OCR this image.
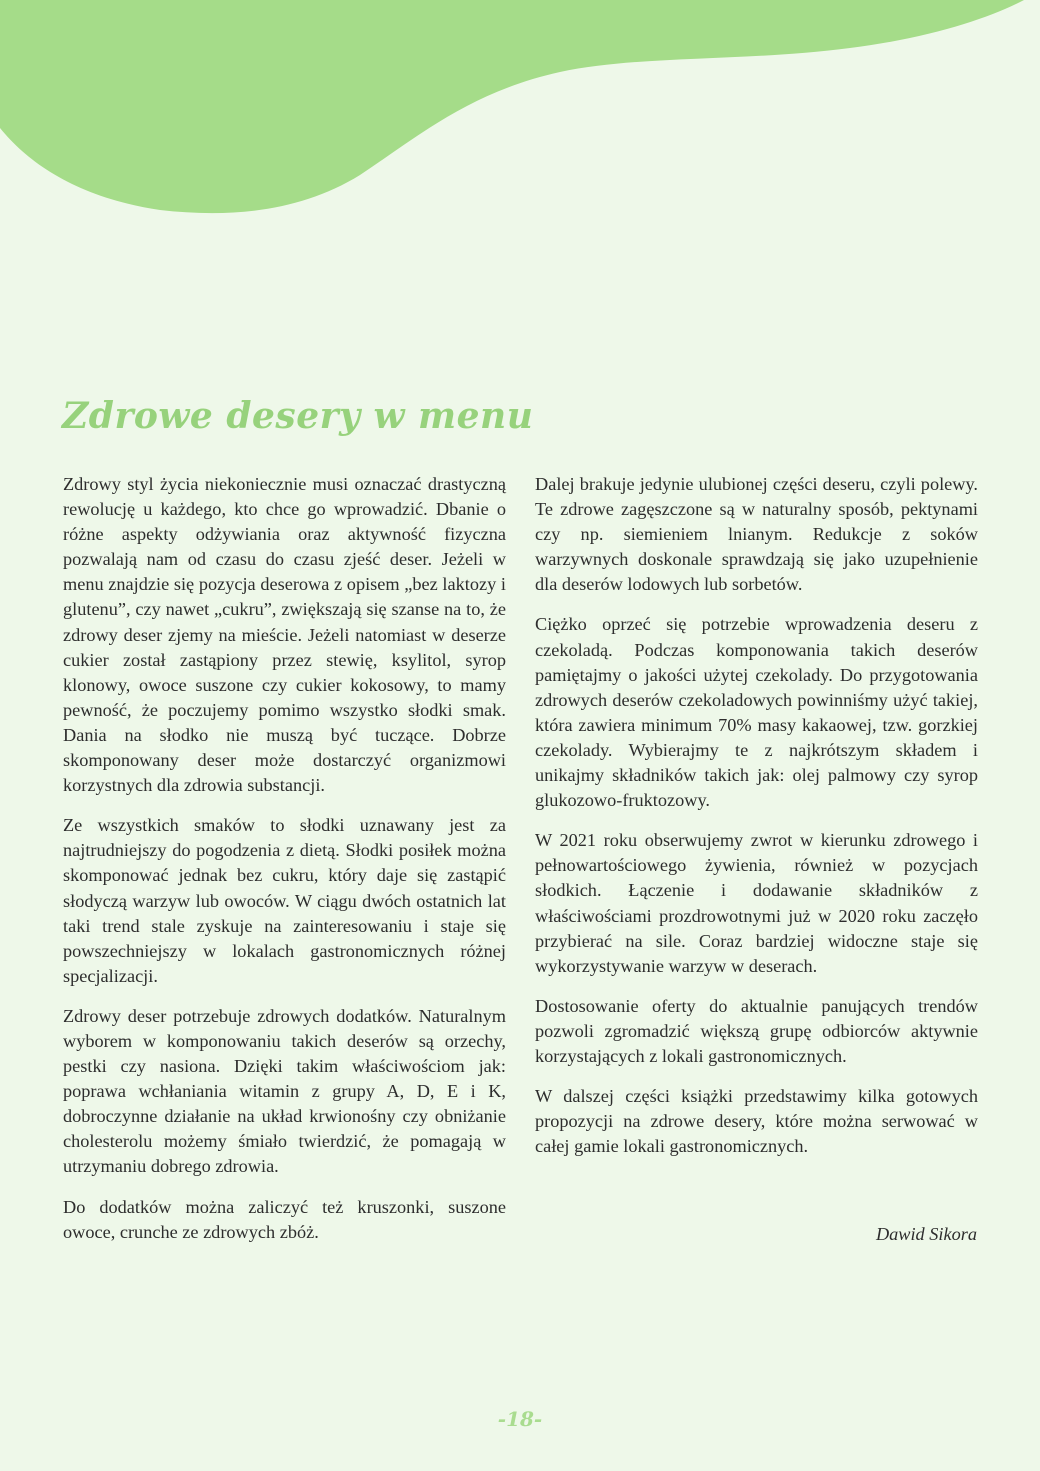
Zdrowe desery w menu

Zdrowy styl życia niekoniecznie musi oznaczać drastyczną rewolucję u każdego, kto chce go wprowadzić. Dbanie o różne aspekty odżywiania oraz aktywność fizyczna pozwalają nam od czasu do czasu zjeść deser. Jeżeli w menu znajdzie się pozycja deserowa z opisem „bez laktozy i glutenu”, czy nawet „cukru”, zwiększają się szanse na to, że zdrowy deser zjemy na mieście. Jeżeli natomiast w deserze cukier został zastąpiony przez stewię, ksylitol, syrop klonowy, owoce suszone czy cukier kokosowy, to mamy pewność, że poczujemy pomimo wszystko słodki smak. Dania na słodko nie muszą być tuczące. Dobrze skomponowany deser może dostarczyć organizmowi korzystnych dla zdrowia substancji.

Ze wszystkich smaków to słodki uznawany jest za najtrudniejszy do pogodzenia z dietą. Słodki posiłek można skomponować jednak bez cukru, który daje się zastąpić słodyczą warzyw lub owoców. W ciągu dwóch ostatnich lat taki trend stale zyskuje na zainteresowaniu i staje się powszechniejszy w lokalach gastronomicznych różnej specjalizacji.

Zdrowy deser potrzebuje zdrowych dodatków. Naturalnym wyborem w komponowaniu takich deserów są orzechy, pestki czy nasiona. Dzięki takim właściwościom jak: poprawa wchłaniania witamin z grupy A, D, E i K, dobroczynne działanie na układ krwionośny czy obniżanie cholesterolu możemy śmiało twierdzić, że pomagają w utrzymaniu dobrego zdrowia.

Do dodatków można zaliczyć też kruszonki, suszone owoce, crunche ze zdrowych zbóż.

Dalej brakuje jedynie ulubionej części deseru, czyli polewy. Te zdrowe zagęszczone są w naturalny sposób, pektynami czy np. siemieniem lnianym. Redukcje z soków warzywnych doskonale sprawdzają się jako uzupełnienie dla deserów lodowych lub sorbetów.

Ciężko oprzeć się potrzebie wprowadzenia deseru z czekoladą. Podczas komponowania takich deserów pamiętajmy o jakości użytej czekolady. Do przygotowania zdrowych deserów czekoladowych powinniśmy użyć takiej, która zawiera minimum 70% masy kakaowej, tzw. gorzkiej czekolady. Wybierajmy te z najkrótszym składem i unikajmy składników takich jak: olej palmowy czy syrop glukozowo-fruktozowy.

W 2021 roku obserwujemy zwrot w kierunku zdrowego i pełnowartościowego żywienia, również w pozycjach słodkich. Łączenie i dodawanie składników z właściwościami prozdrowotnymi już w 2020 roku zaczęło przybierać na sile. Coraz bardziej widoczne staje się wykorzystywanie warzyw w deserach.

Dostosowanie oferty do aktualnie panujących trendów pozwoli zgromadzić większą grupę odbiorców aktywnie korzystających z lokali gastronomicznych.

W dalszej części książki przedstawimy kilka gotowych propozycji na zdrowe desery, które można serwować w całej gamie lokali gastronomicznych.

Dawid Sikora

-18-
